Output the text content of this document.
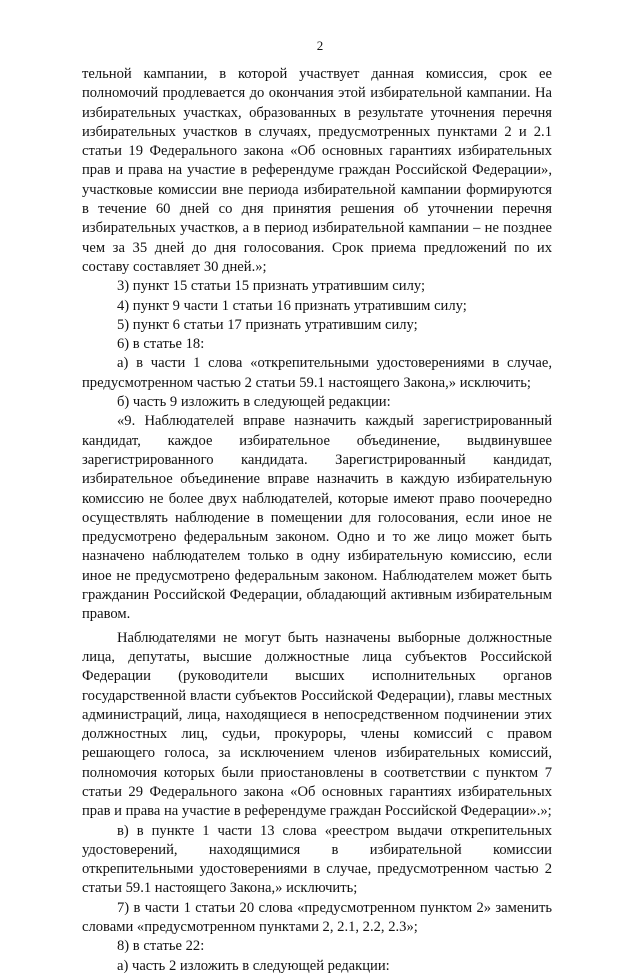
2

тельной кампании, в которой участвует данная комиссия, срок ее полномочий продлевается до окончания этой избирательной кампании. На избирательных участках, образованных в результате уточнения перечня избирательных участков в случаях, предусмотренных пунктами 2 и 2.1 статьи 19 Федерального закона «Об основных гарантиях избирательных прав и права на участие в референдуме граждан Российской Федерации», участковые комиссии вне периода избирательной кампании формируются в течение 60 дней со дня принятия решения об уточнении перечня избирательных участков, а в период избирательной кампании – не позднее чем за 35 дней до дня голосования. Срок приема предложений по их составу составляет 30 дней.»;

3) пункт 15 статьи 15 признать утратившим силу;

4) пункт 9 части 1 статьи 16 признать утратившим силу;

5) пункт 6 статьи 17 признать утратившим силу;

6) в статье 18:

а) в части 1 слова «открепительными удостоверениями в случае, предусмотренном частью 2 статьи 59.1 настоящего Закона,» исключить;

б) часть 9 изложить в следующей редакции:

«9. Наблюдателей вправе назначить каждый зарегистрированный кандидат, каждое избирательное объединение, выдвинувшее зарегистрированного кандидата. Зарегистрированный кандидат, избирательное объединение вправе назначить в каждую избирательную комиссию не более двух наблюдателей, которые имеют право поочередно осуществлять наблюдение в помещении для голосования, если иное не предусмотрено федеральным законом. Одно и то же лицо может быть назначено наблюдателем только в одну избирательную комиссию, если иное не предусмотрено федеральным законом. Наблюдателем может быть гражданин Российской Федерации, обладающий активным избирательным правом.

Наблюдателями не могут быть назначены выборные должностные лица, депутаты, высшие должностные лица субъектов Российской Федерации (руководители высших исполнительных органов государственной власти субъектов Российской Федерации), главы местных администраций, лица, находящиеся в непосредственном подчинении этих должностных лиц, судьи, прокуроры, члены комиссий с правом решающего голоса, за исключением членов избирательных комиссий, полномочия которых были приостановлены в соответствии с пунктом 7 статьи 29 Федерального закона «Об основных гарантиях избирательных прав и права на участие в референдуме граждан Российской Федерации».»;

в) в пункте 1 части 13 слова «реестром выдачи открепительных удостоверений, находящимися в избирательной комиссии открепительными удостоверениями в случае, предусмотренном частью 2 статьи 59.1 настоящего Закона,» исключить;

7) в части 1 статьи 20 слова «предусмотренном пунктом 2» заменить словами «предусмотренном пунктами 2, 2.1, 2.2, 2.3»;

8) в статье 22:

а) часть 2 изложить в следующей редакции:
